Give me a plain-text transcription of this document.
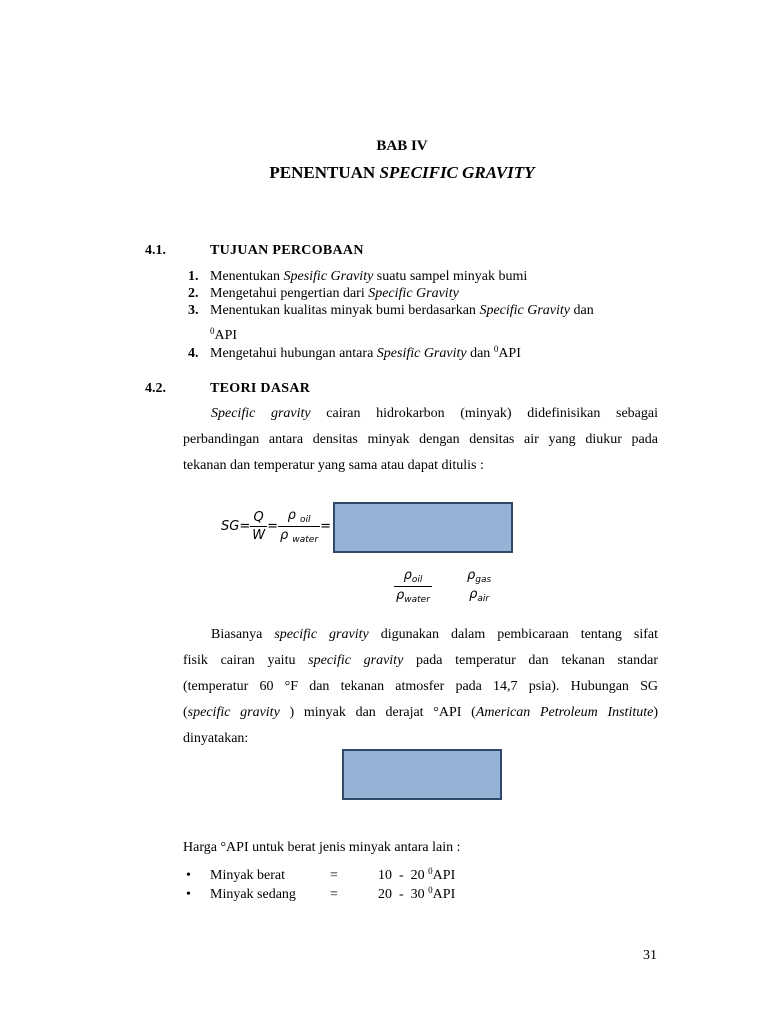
BAB IV
PENENTUAN SPECIFIC GRAVITY
4.1.	TUJUAN PERCOBAAN
1. Menentukan Spesific Gravity suatu sampel minyak bumi
2. Mengetahui pengertian dari Specific Gravity
3. Menentukan kualitas minyak bumi berdasarkan Specific Gravity dan
$^0$API
4. Mengetahui hubungan antara Spesific Gravity dan $^0$API
4.2.	TEORI DASAR
Specific gravity cairan hidrokarbon (minyak) didefinisikan sebagai
perbandingan antara densitas minyak dengan densitas air yang diukur pada
tekanan dan temperatur yang sama atau dapat ditulis :
$SG= \frac{Q}{W} = \frac{\rho _{oil}}{\rho _{water}}$ =
$\frac{\rho_{oil}}{\rho_{water}}$	$\rho_{gas}$
$\rho_{air}$
Biasanya specific gravity digunakan dalam pembicaraan tentang sifat
fisik cairan yaitu specific gravity pada temperatur dan tekanan standar
(temperatur 60 °F dan tekanan atmosfer pada 14,7 psia). Hubungan SG
(specific gravity ) minyak dan derajat °API (American Petroleum Institute)
dinyatakan:
Harga °API untuk berat jenis minyak antara lain :
• Minyak berat	=	10  -  20 $^0$API
• Minyak sedang =	20  -  30 $^0$API
31
